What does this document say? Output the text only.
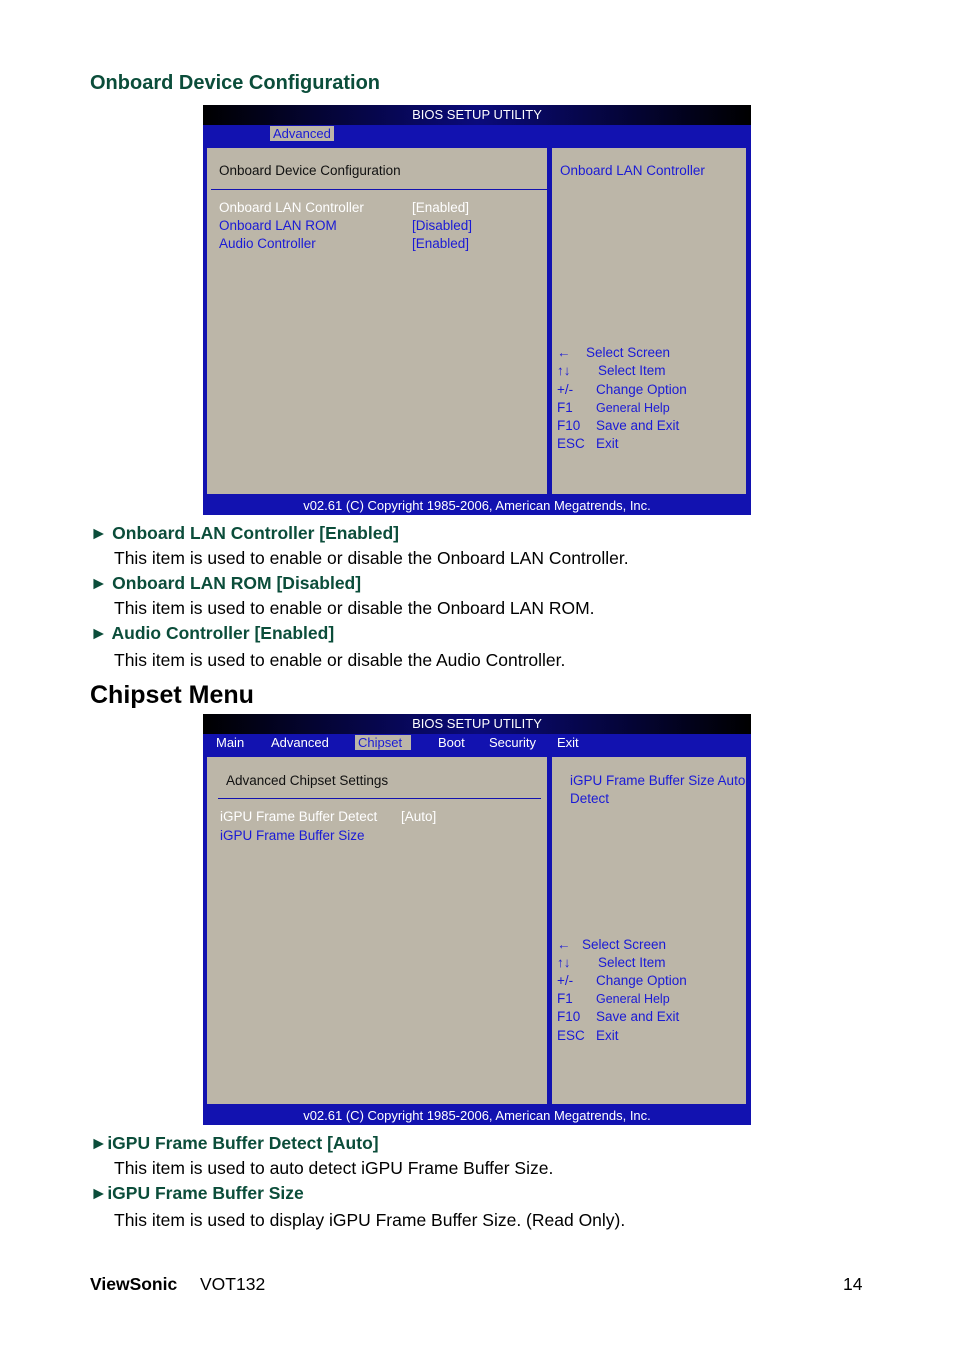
Onboard Device Configuration
BIOS SETUP UTILITY
Advanced
Onboard Device Configuration
Onboard LAN Controller	[Enabled]
Onboard LAN ROM	[Disabled]
Audio Controller	[Enabled]
Onboard LAN Controller
← Select Screen
↑↓ Select Item
+/- Change Option
F1 General Help
F10 Save and Exit
ESC Exit
v02.61 (C) Copyright 1985-2006, American Megatrends, Inc.
► Onboard LAN Controller [Enabled]
This item is used to enable or disable the Onboard LAN Controller.
► Onboard LAN ROM [Disabled]
This item is used to enable or disable the Onboard LAN ROM.
► Audio Controller [Enabled]
This item is used to enable or disable the Audio Controller.
Chipset Menu
BIOS SETUP UTILITY
Main Advanced Chipset	Boot Security Exit
Advanced Chipset Settings
iGPU Frame Buffer Detect [Auto]
iGPU Frame Buffer Size
iGPU Frame Buffer Size Auto
Detect
← Select Screen
↑↓ Select Item
+/- Change Option
F1 General Help
F10 Save and Exit
ESC Exit
v02.61 (C) Copyright 1985-2006, American Megatrends, Inc.
►iGPU Frame Buffer Detect [Auto]
This item is used to auto detect iGPU Frame Buffer Size.
►iGPU Frame Buffer Size
This item is used to display iGPU Frame Buffer Size. (Read Only).
ViewSonic VOT132	14
